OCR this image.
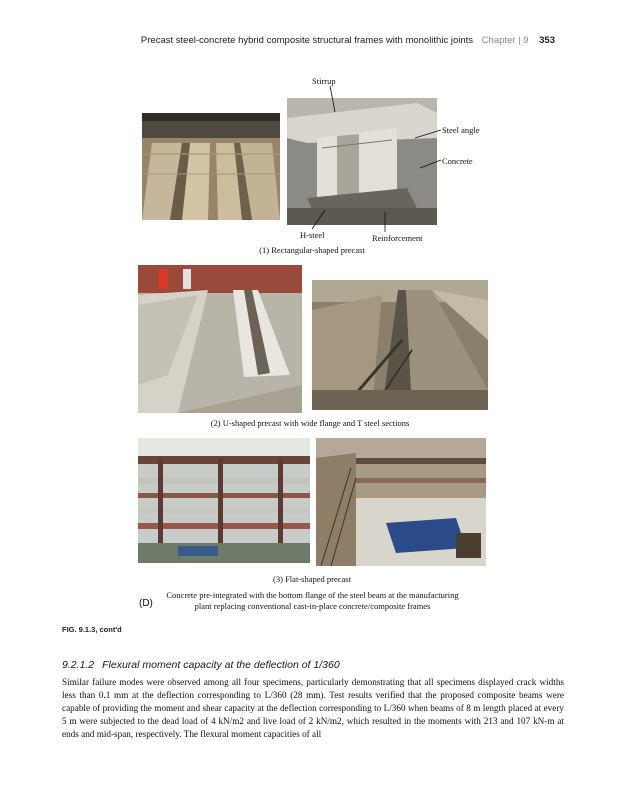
Precast steel-concrete hybrid composite structural frames with monolithic joints Chapter | 9 353
Stirrup
Steel angle
Concrete
H-steel	Reinforcement
(1) Rectangular-shaped precast
(2) U-shaped precast with wide flange and T steel sections
(3) Flat-shaped precast
(D)
Concrete pre-integrated with the bottom flange of the steel beam at the manufacturing
plant replacing conventional cast-in-place concrete/composite frames
FIG. 9.1.3, cont'd
9.2.1.2 Flexural moment capacity at the deflection of 1/360

Similar failure modes were observed among all four specimens, particularly demonstrating that all specimens displayed crack widths less than 0.1 mm at the deflection corresponding to L/360 (28 mm). Test results verified that the proposed composite beams were capable of providing the moment and shear capacity at the deflection corresponding to L/360 when beams of 8 m length placed at every 5 m were subjected to the dead load of 4 kN/m2 and live load of 2 kN/m2, which resulted in the moments with 213 and 107 kN-m at ends and mid-span, respectively. The flexural moment capacities of all
